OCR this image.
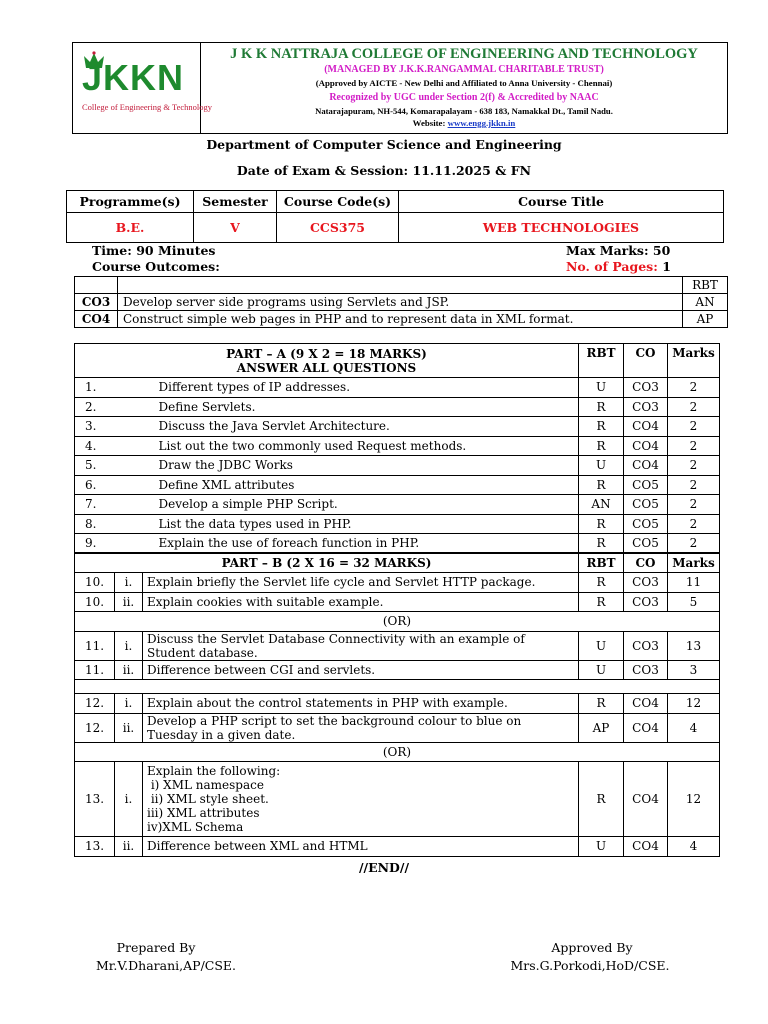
JKKN
College of Engineering & Technology
J K K NATTRAJA COLLEGE OF ENGINEERING AND TECHNOLOGY
(MANAGED BY J.K.K.RANGAMMAL CHARITABLE TRUST)
(Approved by AICTE - New Delhi and Affiliated to Anna University - Chennai)
Recognized by UGC under Section 2(f) & Accredited by NAAC
Natarajapuram, NH-544, Komarapalayam - 638 183, Namakkal Dt., Tamil Nadu.
Website: www.engg.jkkn.in
Department of Computer Science and Engineering
Date of Exam & Session: 11.11.2025 & FN
Programme(s)	Semester	Course Code(s)	Course Title
B.E.	V	CCS375	WEB TECHNOLOGIES
Time: 90 Minutes	Max Marks: 50
Course Outcomes:	No. of Pages: 1
		RBT
CO3	Develop server side programs using Servlets and JSP.	AN
CO4	Construct simple web pages in PHP and to represent data in XML format.	AP
PART – A (9 X 2 = 18 MARKS)
ANSWER ALL QUESTIONS			RBT	CO	Marks
1.	Different types of IP addresses.		U	CO3	2
2.	Define Servlets.		R	CO3	2
3.	Discuss the Java Servlet Architecture.		R	CO4	2
4.	List out the two commonly used Request methods.		R	CO4	2
5.	Draw the JDBC Works		U	CO4	2
6.	Define XML attributes		R	CO5	2
7.	Develop a simple PHP Script.		AN	CO5	2
8.	List the data types used in PHP.		R	CO5	2
9.	Explain the use of foreach function in PHP.		R	CO5	2
PART – B (2 X 16 = 32 MARKS)			RBT	CO	Marks
10.	i.	Explain briefly the Servlet life cycle and Servlet HTTP package.	R	CO3	11
10.	ii.	Explain cookies with suitable example.	R	CO3	5
(OR)					
11.	i.	Discuss the Servlet Database Connectivity with an example of Student database.	U	CO3	13
11.	ii.	Difference between CGI and servlets.	U	CO3	3

12.	i.	Explain about the control statements in PHP with example.	R	CO4	12
12.	ii.	Develop a PHP script to set the background colour to blue on Tuesday in a given date.	AP	CO4	4
(OR)					
13.	i.	Explain the following:
i) XML namespace
ii) XML style sheet.
iii) XML attributes
iv)XML Schema	R	CO4	12
13.	ii.	Difference between XML and HTML	U	CO4	4
//END//
Prepared By
Mr.V.Dharani,AP/CSE.
Approved By
Mrs.G.Porkodi,HoD/CSE.
